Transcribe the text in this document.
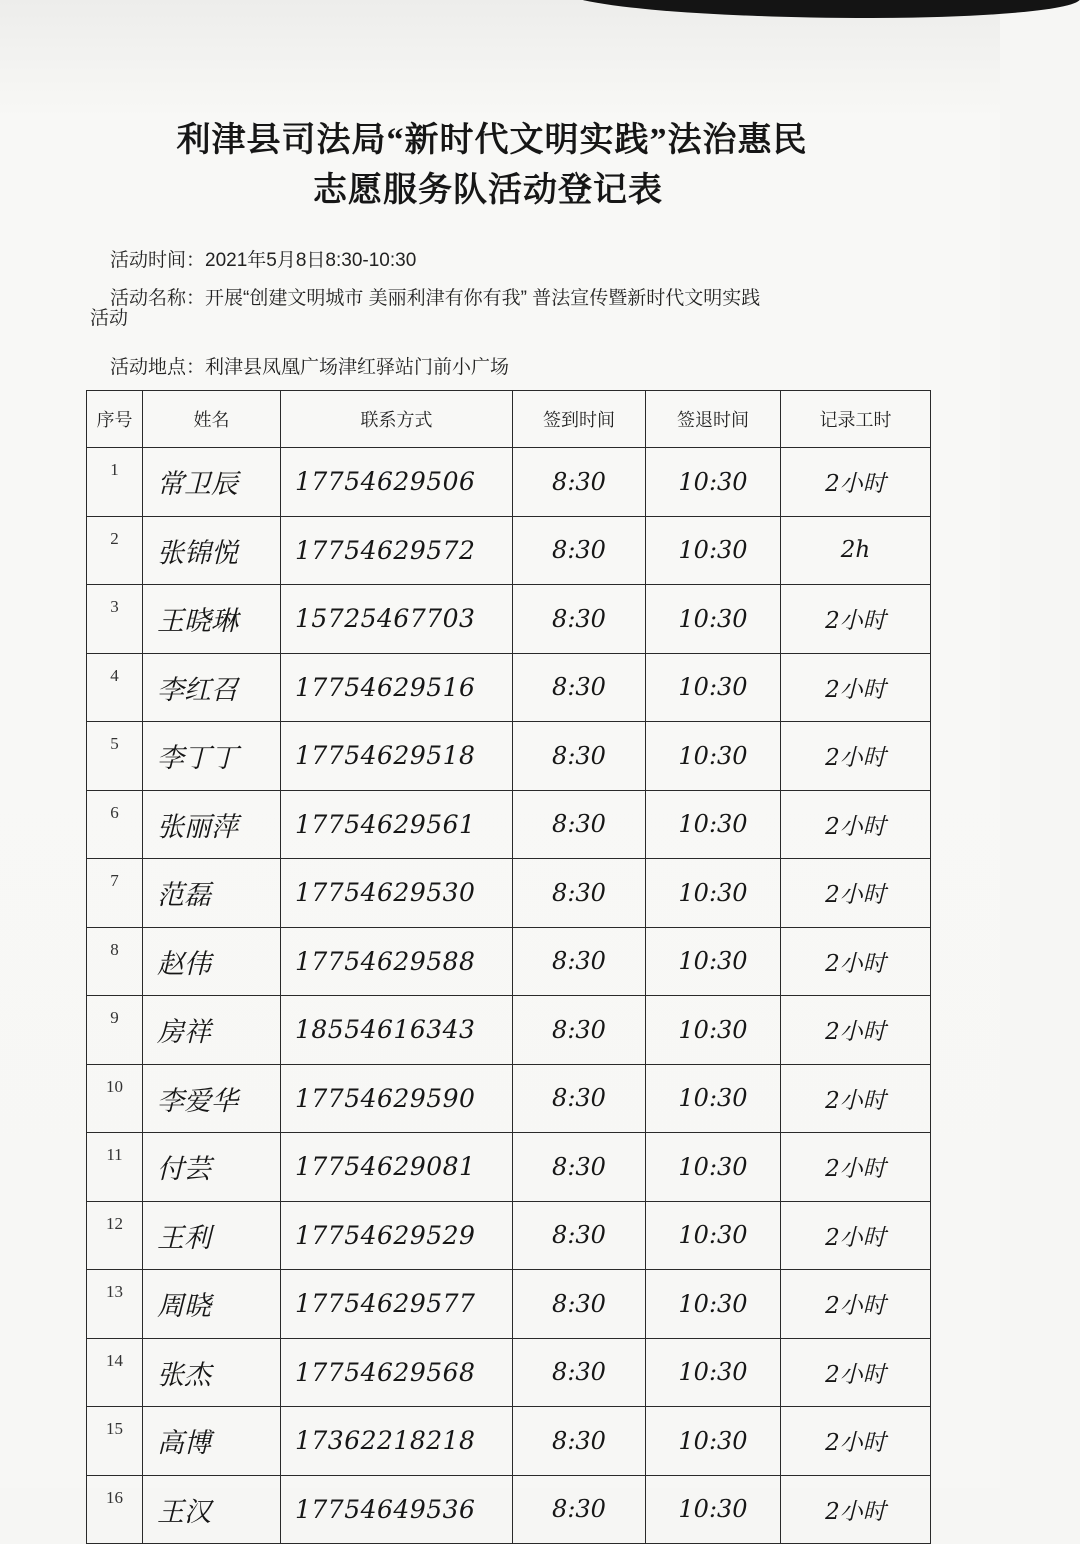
利津县司法局“新时代文明实践”法治惠民
志愿服务队活动登记表
活动时间：2021年5月8日8:30-10:30
活动名称：开展“创建文明城市 美丽利津有你有我” 普法宣传暨新时代文明实践
活动
活动地点：利津县凤凰广场津红驿站门前小广场
序号	姓名	联系方式	签到时间	签退时间	记录工时
1	常卫辰	17754629506	8:30	10:30	2小时
2	张锦悦	17754629572	8:30	10:30	2h
3	王晓琳	15725467703	8:30	10:30	2小时
4	李红召	17754629516	8:30	10:30	2小时
5	李丁丁	17754629518	8:30	10:30	2小时
6	张丽萍	17754629561	8:30	10:30	2小时
7	范磊	17754629530	8:30	10:30	2小时
8	赵伟	17754629588	8:30	10:30	2小时
9	房祥	18554616343	8:30	10:30	2小时
10	李爱华	17754629590	8:30	10:30	2小时
11	付芸	17754629081	8:30	10:30	2小时
12	王利	17754629529	8:30	10:30	2小时
13	周晓	17754629577	8:30	10:30	2小时
14	张杰	17754629568	8:30	10:30	2小时
15	高博	17362218218	8:30	10:30	2小时
16	王汉	17754649536	8:30	10:30	2小时
